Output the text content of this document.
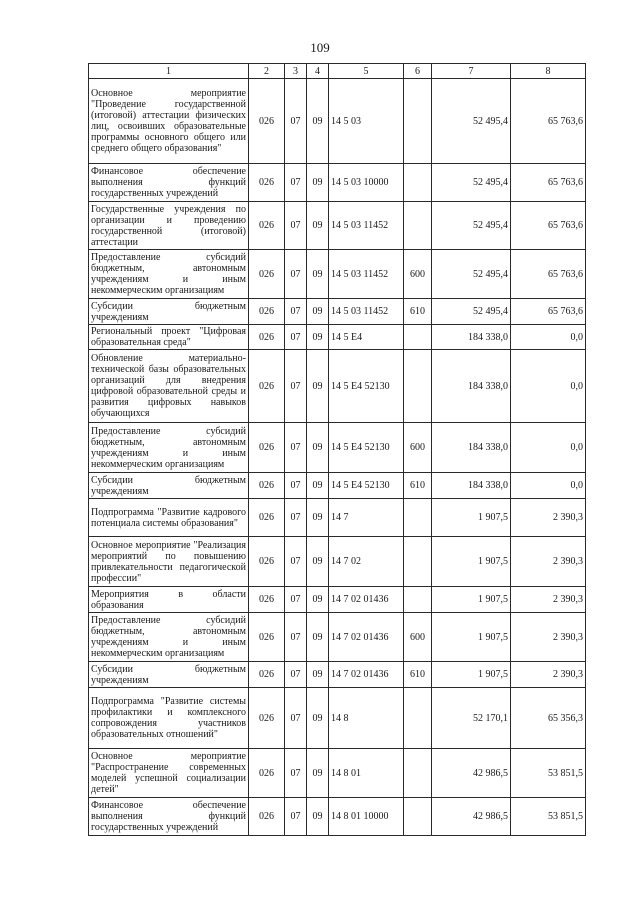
109
1	2	3	4	5	6	7	8
Основное мероприятие "Проведение государственной (итоговой) аттестации физических лиц, освоивших образовательные программы основного общего или среднего общего образования"	026	07	09	14 5 03		52 495,4	65 763,6
Финансовое обеспечение выполнения функций государственных учреждений	026	07	09	14 5 03 10000		52 495,4	65 763,6
Государственные учреждения по организации и проведению государственной (итоговой) аттестации	026	07	09	14 5 03 11452		52 495,4	65 763,6
Предоставление субсидий бюджетным, автономным учреждениям и иным некоммерческим организациям	026	07	09	14 5 03 11452	600	52 495,4	65 763,6
Субсидии бюджетным учреждениям	026	07	09	14 5 03 11452	610	52 495,4	65 763,6
Региональный проект "Цифровая образовательная среда"	026	07	09	14 5 E4		184 338,0	0,0
Обновление материально-технической базы образовательных организаций для внедрения цифровой образовательной среды и развития цифровых навыков обучающихся	026	07	09	14 5 E4 52130		184 338,0	0,0
Предоставление субсидий бюджетным, автономным учреждениям и иным некоммерческим организациям	026	07	09	14 5 E4 52130	600	184 338,0	0,0
Субсидии бюджетным учреждениям	026	07	09	14 5 E4 52130	610	184 338,0	0,0
Подпрограмма "Развитие кадрового потенциала системы образования"	026	07	09	14 7		1 907,5	2 390,3
Основное мероприятие "Реализация мероприятий по повышению привлекательности педагогической профессии"	026	07	09	14 7 02		1 907,5	2 390,3
Мероприятия в области образования	026	07	09	14 7 02 01436		1 907,5	2 390,3
Предоставление субсидий бюджетным, автономным учреждениям и иным некоммерческим организациям	026	07	09	14 7 02 01436	600	1 907,5	2 390,3
Субсидии бюджетным учреждениям	026	07	09	14 7 02 01436	610	1 907,5	2 390,3
Подпрограмма "Развитие системы профилактики и комплексного сопровождения участников образовательных отношений"	026	07	09	14 8		52 170,1	65 356,3
Основное мероприятие "Распространение современных моделей успешной социализации детей"	026	07	09	14 8 01		42 986,5	53 851,5
Финансовое обеспечение выполнения функций государственных учреждений	026	07	09	14 8 01 10000		42 986,5	53 851,5
